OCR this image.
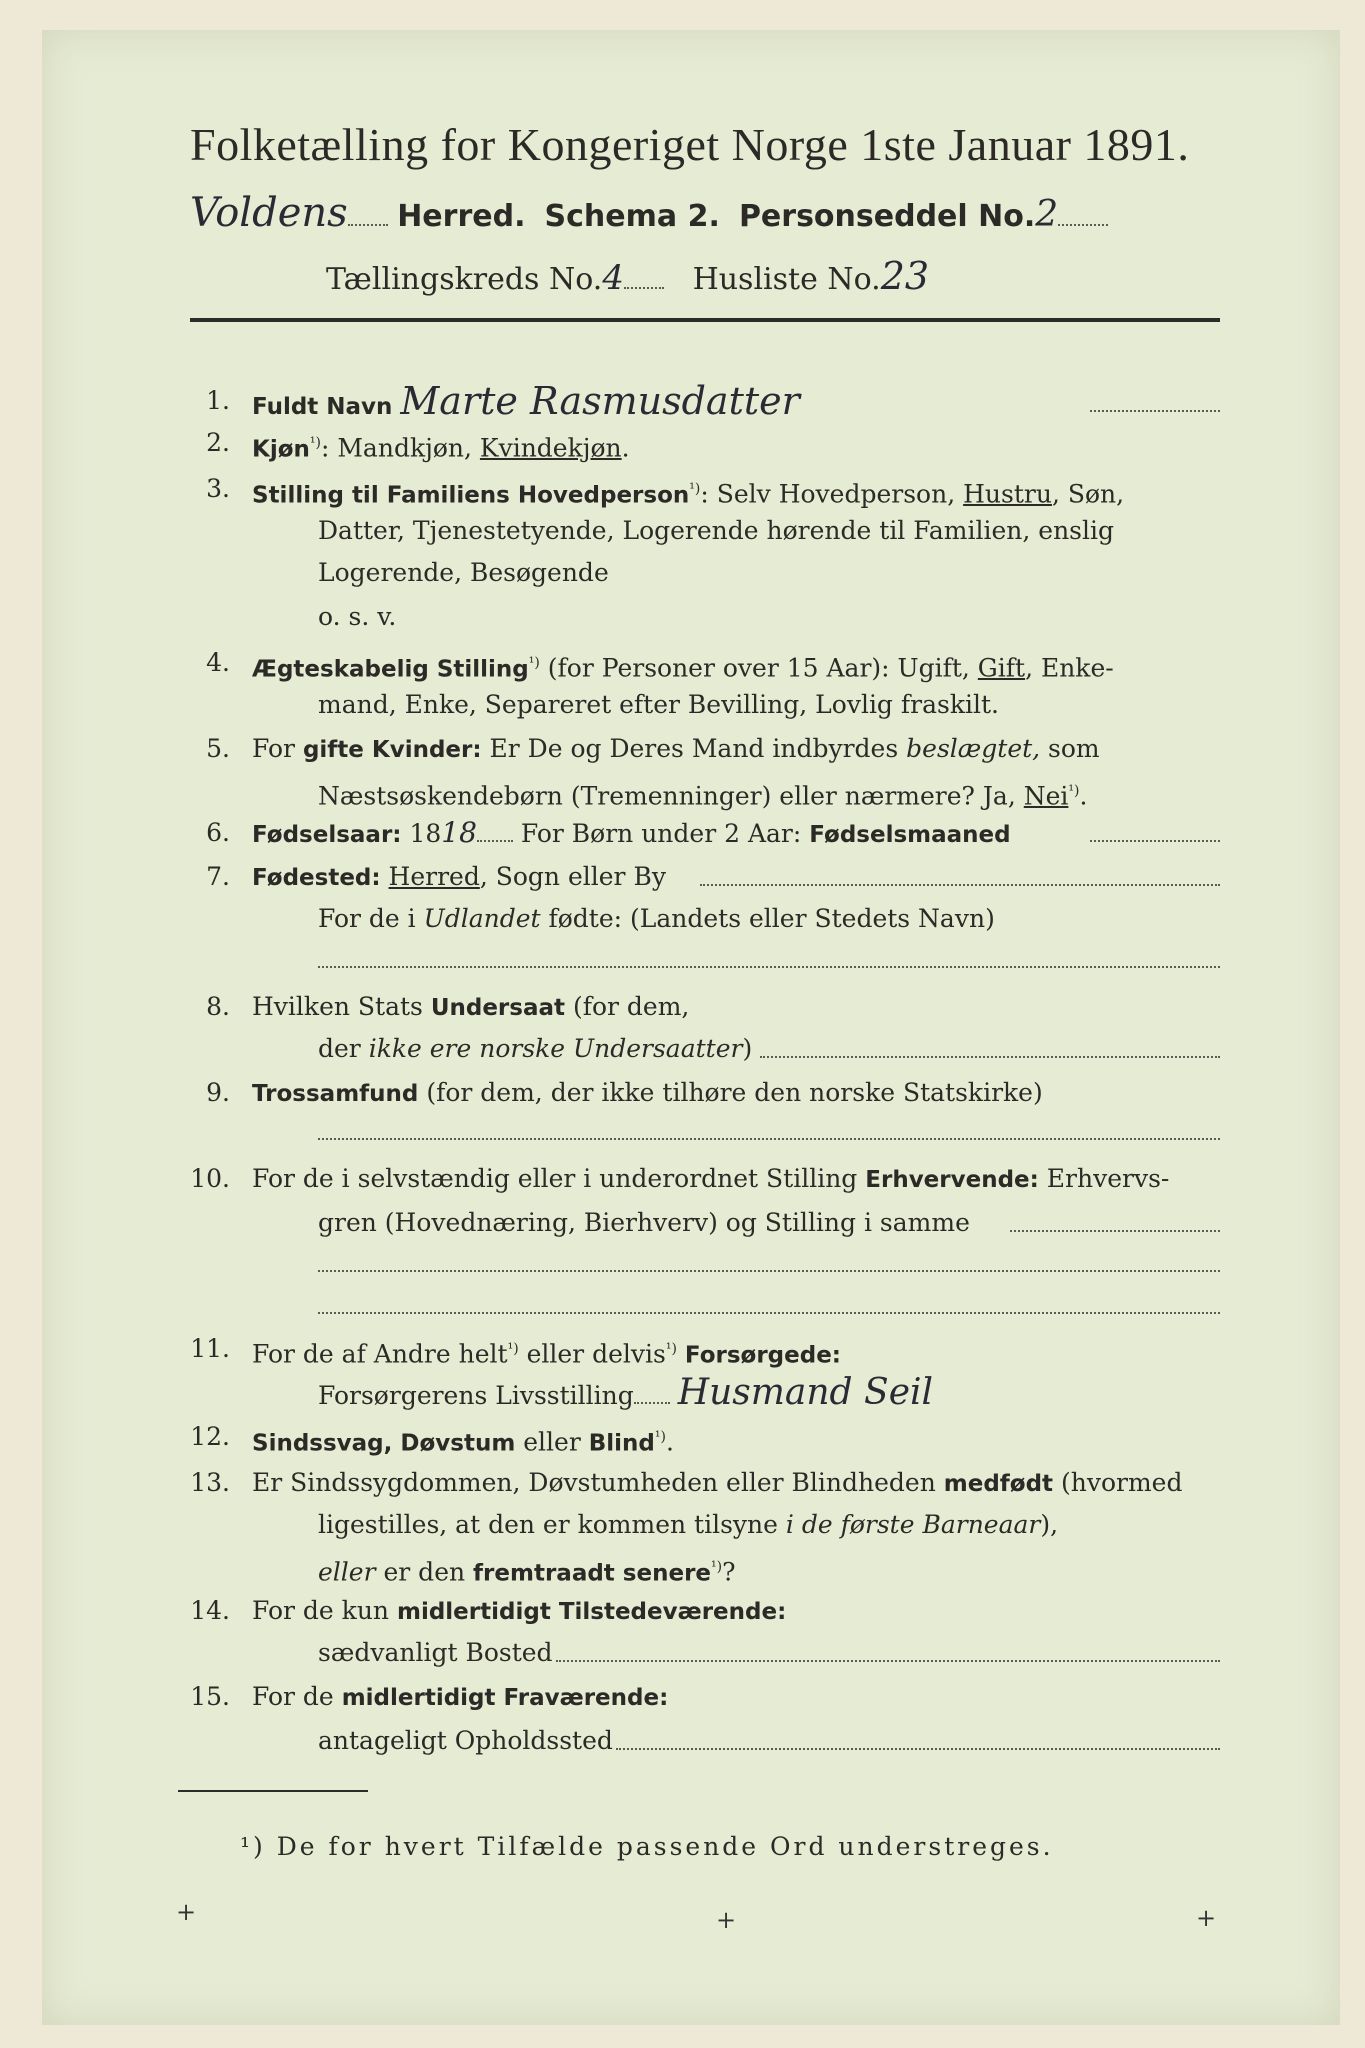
Folketælling for Kongeriget Norge 1ste Januar 1891.
Voldens Herred. Schema 2. Personseddel No.2
Tællingskreds No.4 Husliste No.23
1. Fuldt Navn Marte Rasmusdatter
2. Kjøn$^{^1)}$: Mandkjøn, Kvindekjøn.
3. Stilling til Familiens Hovedperson$^{^1)}$: Selv Hovedperson, Hustru, Søn,
Datter, Tjenestetyende, Logerende hørende til Familien, enslig
Logerende, Besøgende
o. s. v.
4. Ægteskabelig Stilling$^{^1)}$ (for Personer over 15 Aar): Ugift, Gift, Enke-
mand, Enke, Separeret efter Bevilling, Lovlig fraskilt.
5. For gifte Kvinder: Er De og Deres Mand indbyrdes beslægtet, som
Næstsøskendebørn (Tremenninger) eller nærmere? Ja, Nei$^{^1)}$.
6. Fødselsaar: 1818 For Børn under 2 Aar: Fødselsmaaned
7. Fødested: Herred, Sogn eller By
For de i Udlandet fødte: (Landets eller Stedets Navn)
8. Hvilken Stats Undersaat (for dem,
der ikke ere norske Undersaatter)
9. Trossamfund (for dem, der ikke tilhøre den norske Statskirke)
10. For de i selvstændig eller i underordnet Stilling Erhvervende: Erhvervs-
gren (Hovednæring, Bierhverv) og Stilling i samme
11. For de af Andre helt$^{^1)}$ eller delvis$^{^1)}$ Forsørgede:
Forsørgerens Livsstilling Husmand Seil
12. Sindssvag, Døvstum eller Blind$^{^1)}$.
13. Er Sindssygdommen, Døvstumheden eller Blindheden medfødt (hvormed
ligestilles, at den er kommen tilsyne i de første Barneaar),
eller er den fremtraadt senere$^{^1)}$?
14. For de kun midlertidigt Tilstedeværende:
sædvanligt Bosted
15. For de midlertidigt Fraværende:
antageligt Opholdssted
¹) De for hvert Tilfælde passende Ord understreges.
+	+	+
